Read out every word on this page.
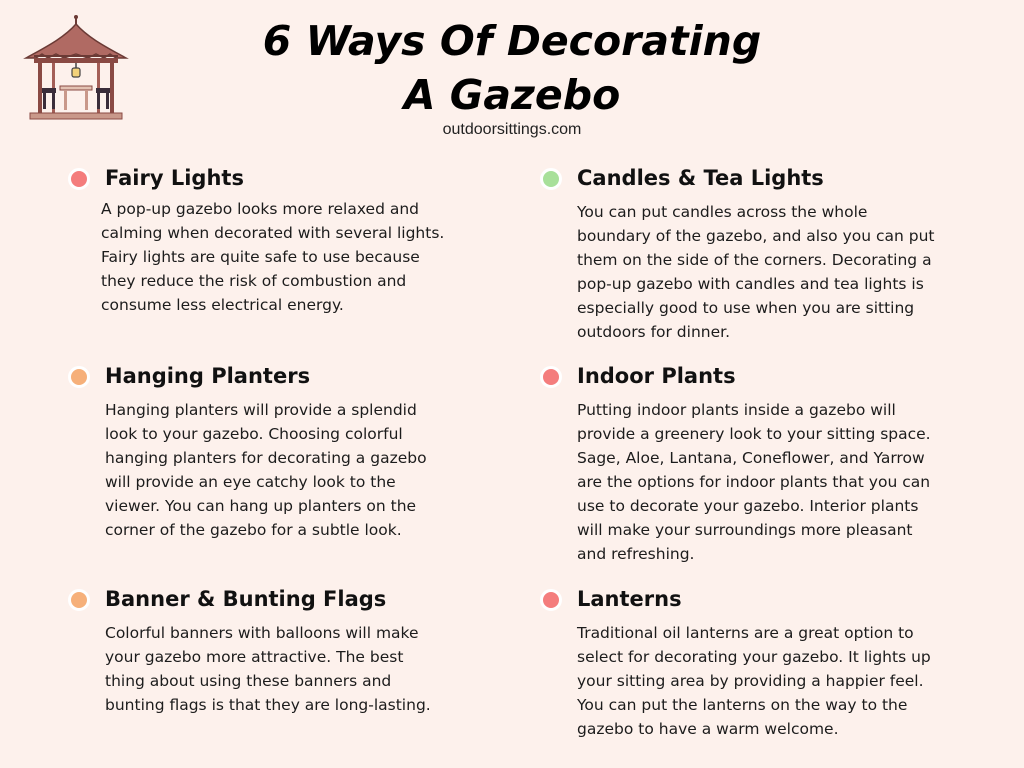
6 Ways Of Decorating
A Gazebo
outdoorsittings.com
Fairy Lights

A pop-up gazebo looks more relaxed and
calming when decorated with several lights.
Fairy lights are quite safe to use because
they reduce the risk of combustion and
consume less electrical energy.

Candles & Tea Lights

You can put candles across the whole
boundary of the gazebo, and also you can put
them on the side of the corners. Decorating a
pop-up gazebo with candles and tea lights is
especially good to use when you are sitting
outdoors for dinner.

Hanging Planters

Hanging planters will provide a splendid
look to your gazebo. Choosing colorful
hanging planters for decorating a gazebo
will provide an eye catchy look to the
viewer. You can hang up planters on the
corner of the gazebo for a subtle look.

Indoor Plants

Putting indoor plants inside a gazebo will
provide a greenery look to your sitting space.
Sage, Aloe, Lantana, Coneflower, and Yarrow
are the options for indoor plants that you can
use to decorate your gazebo. Interior plants
will make your surroundings more pleasant
and refreshing.

Banner & Bunting Flags

Colorful banners with balloons will make
your gazebo more attractive. The best
thing about using these banners and
bunting flags is that they are long-lasting.

Lanterns

Traditional oil lanterns are a great option to
select for decorating your gazebo. It lights up
your sitting area by providing a happier feel.
You can put the lanterns on the way to the
gazebo to have a warm welcome.
